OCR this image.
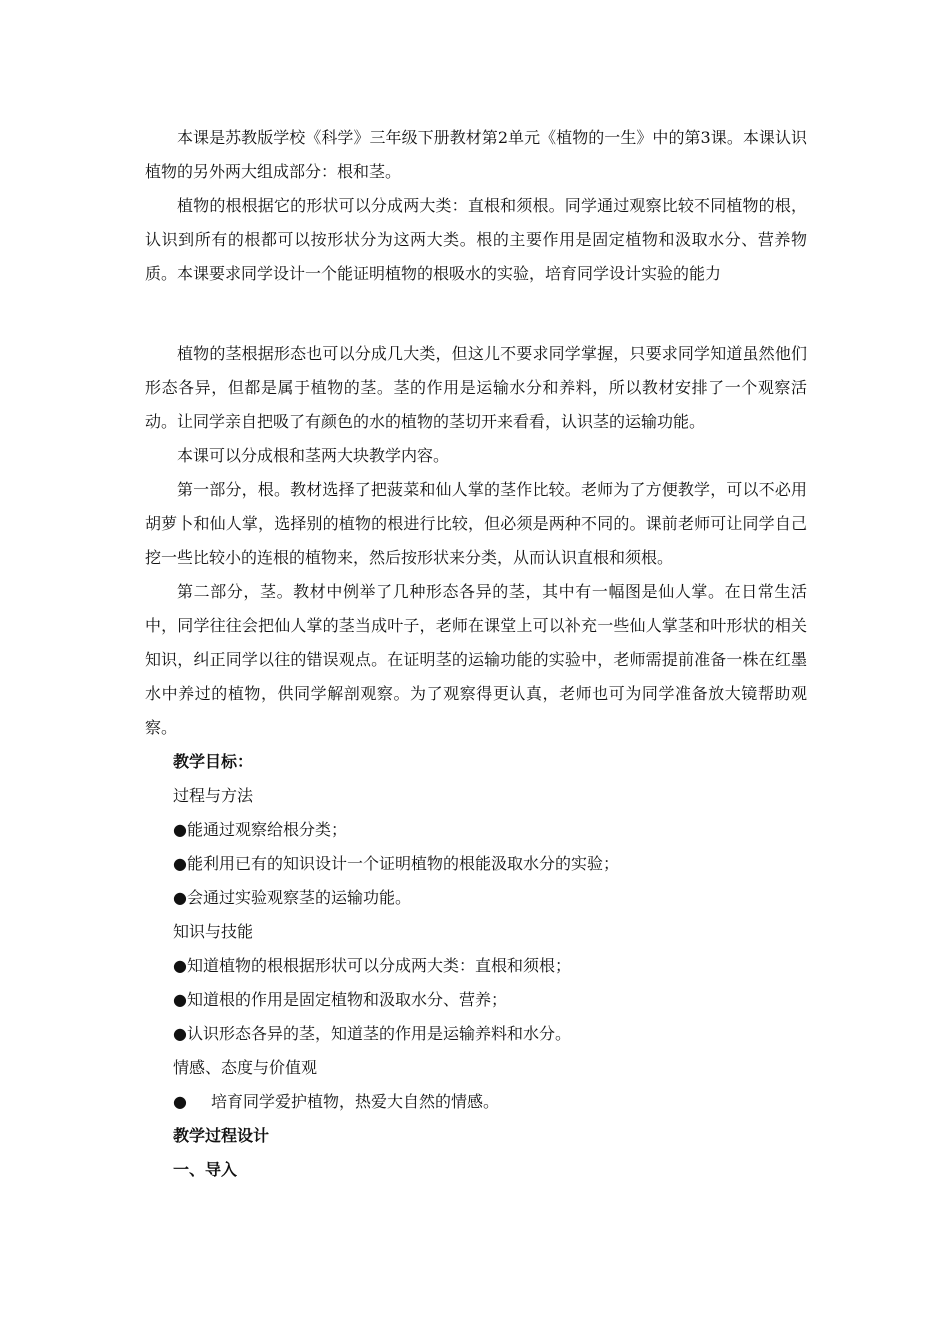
本课是苏教版学校《科学》三年级下册教材第2单元《植物的一生》中的第3课。本课认识植物的另外两大组成部分：根和茎。

植物的根根据它的形状可以分成两大类：直根和须根。同学通过观察比较不同植物的根，认识到所有的根都可以按形状分为这两大类。根的主要作用是固定植物和汲取水分、营养物质。本课要求同学设计一个能证明植物的根吸水的实验，培育同学设计实验的能力

植物的茎根据形态也可以分成几大类，但这儿不要求同学掌握，只要求同学知道虽然他们形态各异，但都是属于植物的茎。茎的作用是运输水分和养料，所以教材安排了一个观察活动。让同学亲自把吸了有颜色的水的植物的茎切开来看看，认识茎的运输功能。

本课可以分成根和茎两大块教学内容。

第一部分，根。教材选择了把菠菜和仙人掌的茎作比较。老师为了方便教学，可以不必用胡萝卜和仙人掌，选择别的植物的根进行比较，但必须是两种不同的。课前老师可让同学自己挖一些比较小的连根的植物来，然后按形状来分类，从而认识直根和须根。

第二部分，茎。教材中例举了几种形态各异的茎，其中有一幅图是仙人掌。在日常生活中，同学往往会把仙人掌的茎当成叶子，老师在课堂上可以补充一些仙人掌茎和叶形状的相关知识，纠正同学以往的错误观点。在证明茎的运输功能的实验中，老师需提前准备一株在红墨水中养过的植物，供同学解剖观察。为了观察得更认真，老师也可为同学准备放大镜帮助观察。

教学目标：

过程与方法

●能通过观察给根分类；

●能利用已有的知识设计一个证明植物的根能汲取水分的实验；

●会通过实验观察茎的运输功能。

知识与技能

●知道植物的根根据形状可以分成两大类：直根和须根；

●知道根的作用是固定植物和汲取水分、营养；

●认识形态各异的茎，知道茎的作用是运输养料和水分。

情感、态度与价值观

● 培育同学爱护植物，热爱大自然的情感。

教学过程设计

一、导入
